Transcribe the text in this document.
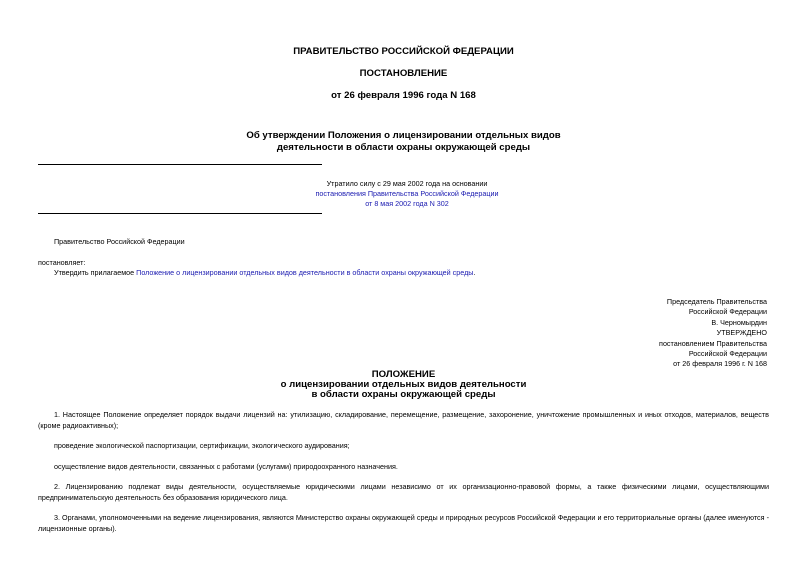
ПРАВИТЕЛЬСТВО РОССИЙСКОЙ ФЕДЕРАЦИИ
ПОСТАНОВЛЕНИЕ
от 26 февраля 1996 года N 168
Об утверждении Положения о лицензировании отдельных видов
деятельности в области охраны окружающей среды
Утратило силу с 29 мая 2002 года на основании
постановления Правительства Российской Федерации
от 8 мая 2002 года N 302
Правительство Российской Федерации
постановляет:
Утвердить прилагаемое Положение о лицензировании отдельных видов деятельности в области охраны окружающей среды.
Председатель Правительства
Российской Федерации
В. Черномырдин
УТВЕРЖДЕНО
постановлением Правительства
Российской Федерации
от 26 февраля 1996 г. N 168
ПОЛОЖЕНИЕ
о лицензировании отдельных видов деятельности
в области охраны окружающей среды
1. Настоящее Положение определяет порядок выдачи лицензий на: утилизацию, складирование, перемещение, размещение, захоронение, уничтожение промышленных и иных отходов, материалов, веществ (кроме радиоактивных);
проведение экологической паспортизации, сертификации, экологического аудирования;
осуществление видов деятельности, связанных с работами (услугами) природоохранного назначения.
2. Лицензированию подлежат виды деятельности, осуществляемые юридическими лицами независимо от их организационно-правовой формы, а также физическими лицами, осуществляющими предпринимательскую деятельность без образования юридического лица.
3. Органами, уполномоченными на ведение лицензирования, являются Министерство охраны окружающей среды и природных ресурсов Российской Федерации и его территориальные органы (далее именуются - лицензионные органы).
